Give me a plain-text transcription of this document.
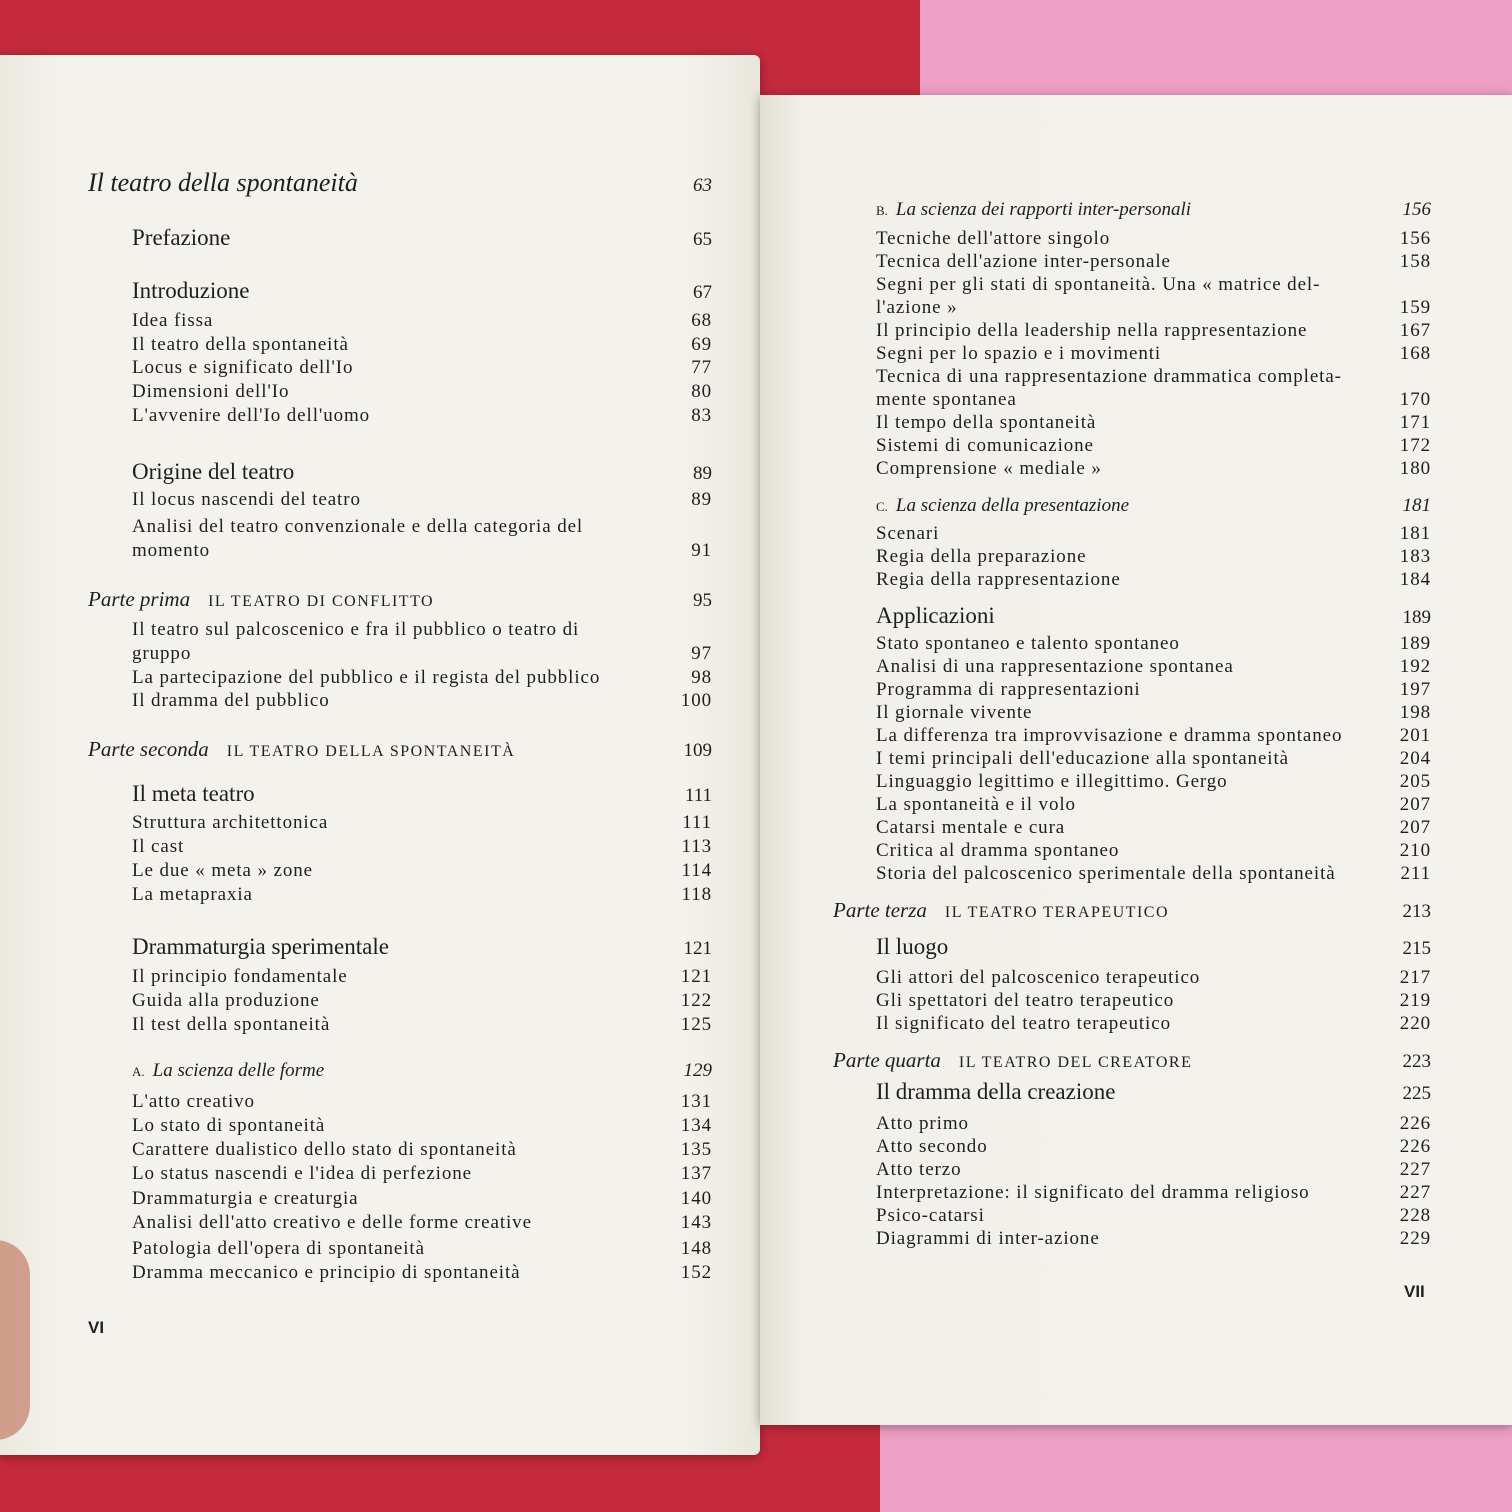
Il teatro della spontaneità	63
Prefazione	65
Introduzione	67
Idea fissa	68
Il teatro della spontaneità	69
Locus e significato dell'Io	77
Dimensioni dell'Io	80
L'avvenire dell'Io dell'uomo	83
Origine del teatro	89
Il locus nascendi del teatro	89
Analisi del teatro convenzionale e della categoria del
momento	91
Parte prima IL TEATRO DI CONFLITTO	95
Il teatro sul palcoscenico e fra il pubblico o teatro di
gruppo	97
La partecipazione del pubblico e il regista del pubblico	98
Il dramma del pubblico	100
Parte seconda IL TEATRO DELLA SPONTANEITÀ	109
Il meta teatro	111
Struttura architettonica	111
Il cast	113
Le due « meta » zone	114
La metapraxia	118
Drammaturgia sperimentale	121
Il principio fondamentale	121
Guida alla produzione	122
Il test della spontaneità	125
A. La scienza delle forme	129
L'atto creativo	131
Lo stato di spontaneità	134
Carattere dualistico dello stato di spontaneità	135
Lo status nascendi e l'idea di perfezione	137
Drammaturgia e creaturgia	140
Analisi dell'atto creativo e delle forme creative	143
Patologia dell'opera di spontaneità	148
Dramma meccanico e principio di spontaneità	152
B. La scienza dei rapporti inter-personali	156
Tecniche dell'attore singolo	156
Tecnica dell'azione inter-personale	158
Segni per gli stati di spontaneità. Una « matrice del-
l'azione »	159
Il principio della leadership nella rappresentazione	167
Segni per lo spazio e i movimenti	168
Tecnica di una rappresentazione drammatica completa-
mente spontanea	170
Il tempo della spontaneità	171
Sistemi di comunicazione	172
Comprensione « mediale »	180
C. La scienza della presentazione	181
Scenari	181
Regia della preparazione	183
Regia della rappresentazione	184
Applicazioni	189
Stato spontaneo e talento spontaneo	189
Analisi di una rappresentazione spontanea	192
Programma di rappresentazioni	197
Il giornale vivente	198
La differenza tra improvvisazione e dramma spontaneo	201
I temi principali dell'educazione alla spontaneità	204
Linguaggio legittimo e illegittimo. Gergo	205
La spontaneità e il volo	207
Catarsi mentale e cura	207
Critica al dramma spontaneo	210
Storia del palcoscenico sperimentale della spontaneità	211
Parte terza IL TEATRO TERAPEUTICO	213
Il luogo	215
Gli attori del palcoscenico terapeutico	217
Gli spettatori del teatro terapeutico	219
Il significato del teatro terapeutico	220
Parte quarta IL TEATRO DEL CREATORE	223
Il dramma della creazione	225
Atto primo	226
Atto secondo	226
Atto terzo	227
Interpretazione: il significato del dramma religioso	227
Psico-catarsi	228
Diagrammi di inter-azione	229
VI
VII
